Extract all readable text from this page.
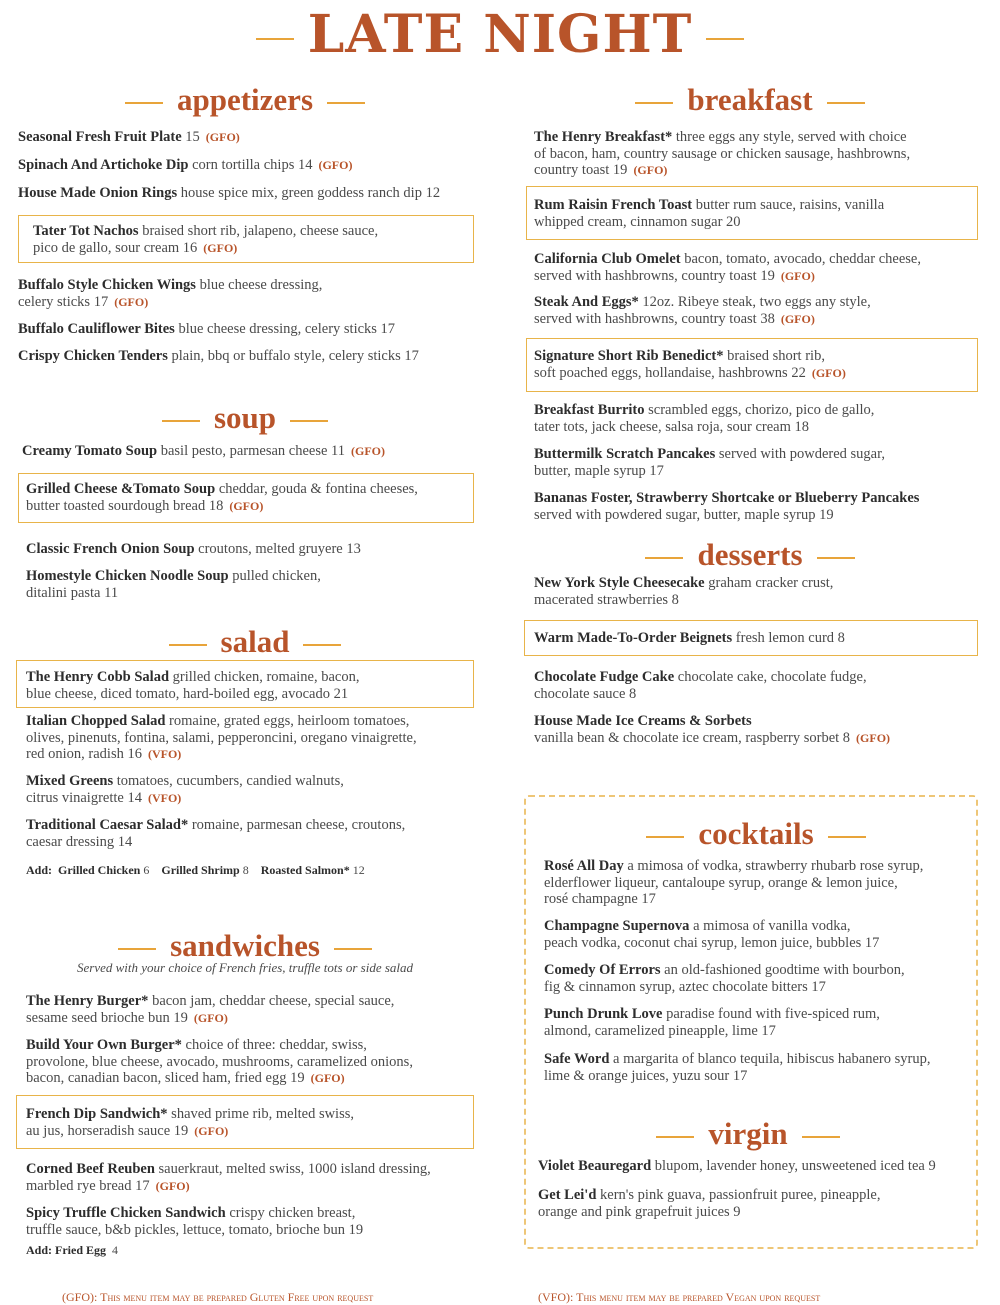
LATE NIGHT
appetizers	breakfast
soup
salad
sandwiches
desserts
cocktails
virgin
Served with your choice of French fries, truffle tots or side salad
Seasonal Fresh Fruit Plate 15 (GFO)
Spinach And Artichoke Dip corn tortilla chips 14 (GFO)
House Made Onion Rings house spice mix, green goddess ranch dip 12
Tater Tot Nachos braised short rib, jalapeno, cheese sauce,
pico de gallo, sour cream 16 (GFO)
Buffalo Style Chicken Wings blue cheese dressing,
celery sticks 17 (GFO)
Buffalo Cauliflower Bites blue cheese dressing, celery sticks 17
Crispy Chicken Tenders plain, bbq or buffalo style, celery sticks 17
Creamy Tomato Soup basil pesto, parmesan cheese 11 (GFO)
Grilled Cheese &Tomato Soup cheddar, gouda & fontina cheeses,
butter toasted sourdough bread 18 (GFO)
Classic French Onion Soup croutons, melted gruyere 13
Homestyle Chicken Noodle Soup pulled chicken,
ditalini pasta 11
The Henry Cobb Salad grilled chicken, romaine, bacon,
blue cheese, diced tomato, hard-boiled egg, avocado 21
Italian Chopped Salad romaine, grated eggs, heirloom tomatoes,
olives, pinenuts, fontina, salami, pepperoncini, oregano vinaigrette,
red onion, radish 16 (VFO)
Mixed Greens tomatoes, cucumbers, candied walnuts,
citrus vinaigrette 14 (VFO)
Traditional Caesar Salad* romaine, parmesan cheese, croutons,
caesar dressing 14
Add: Grilled Chicken 6 Grilled Shrimp 8 Roasted Salmon* 12
The Henry Burger* bacon jam, cheddar cheese, special sauce,
sesame seed brioche bun 19 (GFO)
Build Your Own Burger* choice of three: cheddar, swiss,
provolone, blue cheese, avocado, mushrooms, caramelized onions,
bacon, canadian bacon, sliced ham, fried egg 19 (GFO)
French Dip Sandwich* shaved prime rib, melted swiss,
au jus, horseradish sauce 19 (GFO)
Corned Beef Reuben sauerkraut, melted swiss, 1000 island dressing,
marbled rye bread 17 (GFO)
Spicy Truffle Chicken Sandwich crispy chicken breast,
truffle sauce, b&b pickles, lettuce, tomato, brioche bun 19
Add: Fried Egg 4
The Henry Breakfast* three eggs any style, served with choice
of bacon, ham, country sausage or chicken sausage, hashbrowns,
country toast 19 (GFO)
Rum Raisin French Toast butter rum sauce, raisins, vanilla
whipped cream, cinnamon sugar 20
California Club Omelet bacon, tomato, avocado, cheddar cheese,
served with hashbrowns, country toast 19 (GFO)
Steak And Eggs* 12oz. Ribeye steak, two eggs any style,
served with hashbrowns, country toast 38 (GFO)
Signature Short Rib Benedict* braised short rib,
soft poached eggs, hollandaise, hashbrowns 22 (GFO)
Breakfast Burrito scrambled eggs, chorizo, pico de gallo,
tater tots, jack cheese, salsa roja, sour cream 18
Buttermilk Scratch Pancakes served with powdered sugar,
butter, maple syrup 17
Bananas Foster, Strawberry Shortcake or Blueberry Pancakes
served with powdered sugar, butter, maple syrup 19
New York Style Cheesecake graham cracker crust,
macerated strawberries 8
Warm Made-To-Order Beignets fresh lemon curd 8
Chocolate Fudge Cake chocolate cake, chocolate fudge,
chocolate sauce 8
House Made Ice Creams & Sorbets
vanilla bean & chocolate ice cream, raspberry sorbet 8 (GFO)
Rosé All Day a mimosa of vodka, strawberry rhubarb rose syrup,
elderflower liqueur, cantaloupe syrup, orange & lemon juice,
rosé champagne 17
Champagne Supernova a mimosa of vanilla vodka,
peach vodka, coconut chai syrup, lemon juice, bubbles 17
Comedy Of Errors an old-fashioned goodtime with bourbon,
fig & cinnamon syrup, aztec chocolate bitters 17
Punch Drunk Love paradise found with five-spiced rum,
almond, caramelized pineapple, lime 17
Safe Word a margarita of blanco tequila, hibiscus habanero syrup,
lime & orange juices, yuzu sour 17
Violet Beauregard blupom, lavender honey, unsweetened iced tea 9
Get Lei'd kern's pink guava, passionfruit puree, pineapple,
orange and pink grapefruit juices 9
(GFO): This menu item may be prepared Gluten Free upon request	(VFO): This menu item may be prepared Vegan upon request
